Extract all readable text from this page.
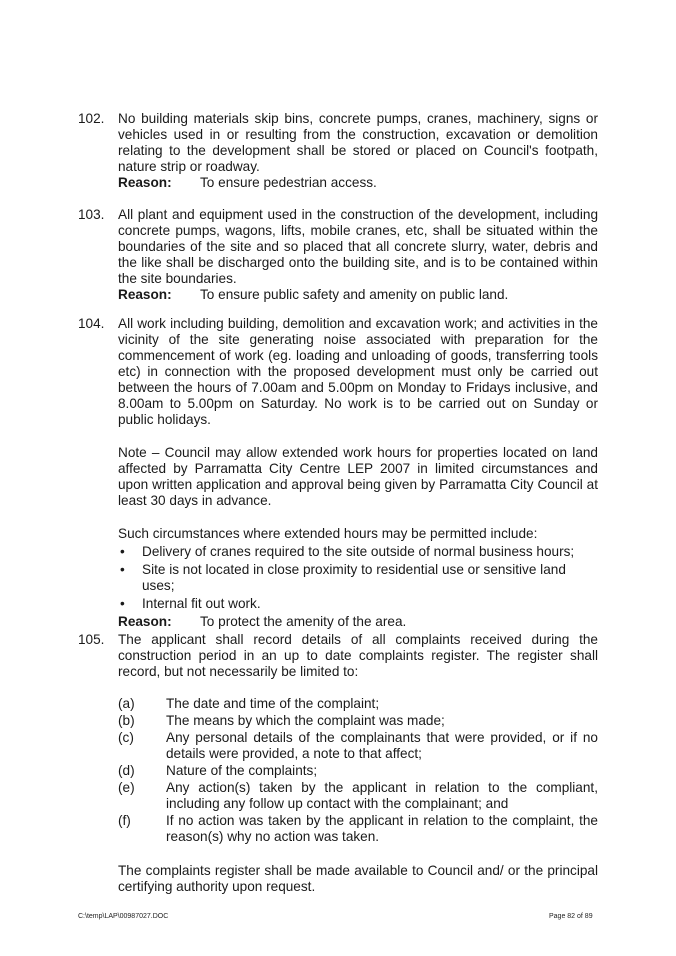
102. No building materials skip bins, concrete pumps, cranes, machinery, signs or vehicles used in or resulting from the construction, excavation or demolition relating to the development shall be stored or placed on Council's footpath, nature strip or roadway.

Reason: To ensure pedestrian access.

103. All plant and equipment used in the construction of the development, including concrete pumps, wagons, lifts, mobile cranes, etc, shall be situated within the boundaries of the site and so placed that all concrete slurry, water, debris and the like shall be discharged onto the building site, and is to be contained within the site boundaries.

Reason: To ensure public safety and amenity on public land.

104. All work including building, demolition and excavation work; and activities in the vicinity of the site generating noise associated with preparation for the commencement of work (eg. loading and unloading of goods, transferring tools etc) in connection with the proposed development must only be carried out between the hours of 7.00am and 5.00pm on Monday to Fridays inclusive, and 8.00am to 5.00pm on Saturday. No work is to be carried out on Sunday or public holidays.

Note – Council may allow extended work hours for properties located on land affected by Parramatta City Centre LEP 2007 in limited circumstances and upon written application and approval being given by Parramatta City Council at least 30 days in advance.

Such circumstances where extended hours may be permitted include:

• Delivery of cranes required to the site outside of normal business hours;
• Site is not located in close proximity to residential use or sensitive land uses;
• Internal fit out work.

Reason: To protect the amenity of the area.

105. The applicant shall record details of all complaints received during the construction period in an up to date complaints register. The register shall record, but not necessarily be limited to:

(a) The date and time of the complaint;
(b) The means by which the complaint was made;
(c) Any personal details of the complainants that were provided, or if no details were provided, a note to that affect;
(d) Nature of the complaints;
(e) Any action(s) taken by the applicant in relation to the compliant, including any follow up contact with the complainant; and
(f)	If no action was taken by the applicant in relation to the complaint, the reason(s) why no action was taken.

The complaints register shall be made available to Council and/ or the principal certifying authority upon request.

C:\temp\LAP\00987027.DOC	Page 82 of 89
